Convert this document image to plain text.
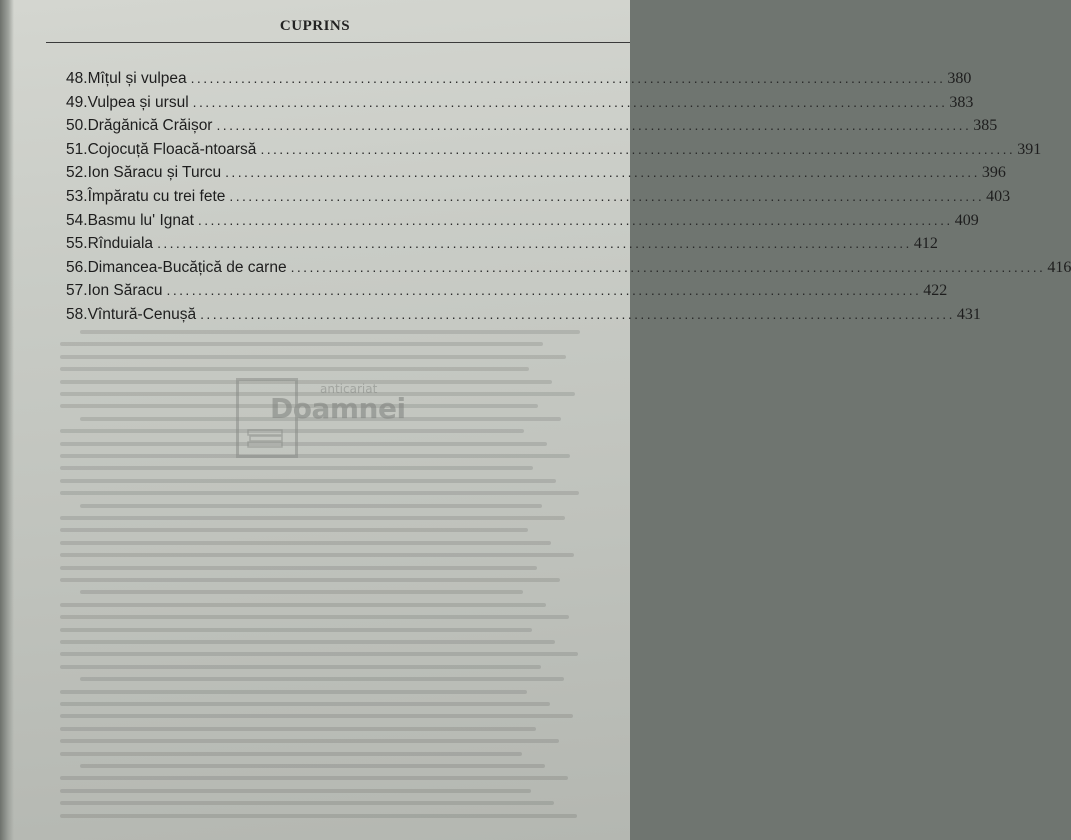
CUPRINS
48. Mîțul și vulpea ........................................................................................................................ 380
49. Vulpea și ursul ........................................................................................................................ 383
50. Drăgănică Crăișor ........................................................................................................................ 385
51. Cojocuță Floacă-ntoarsă ........................................................................................................................ 391
52. Ion Săracu și Turcu ........................................................................................................................ 396
53. Împăratu cu trei fete ........................................................................................................................ 403
54. Basmu lu' Ignat ........................................................................................................................ 409
55. Rînduiala ........................................................................................................................ 412
56. Dimancea-Bucățică de carne ........................................................................................................................ 416
57. Ion Săracu ........................................................................................................................ 422
58. Vîntură-Cenușă ........................................................................................................................ 431
anticariat
Doamnei
